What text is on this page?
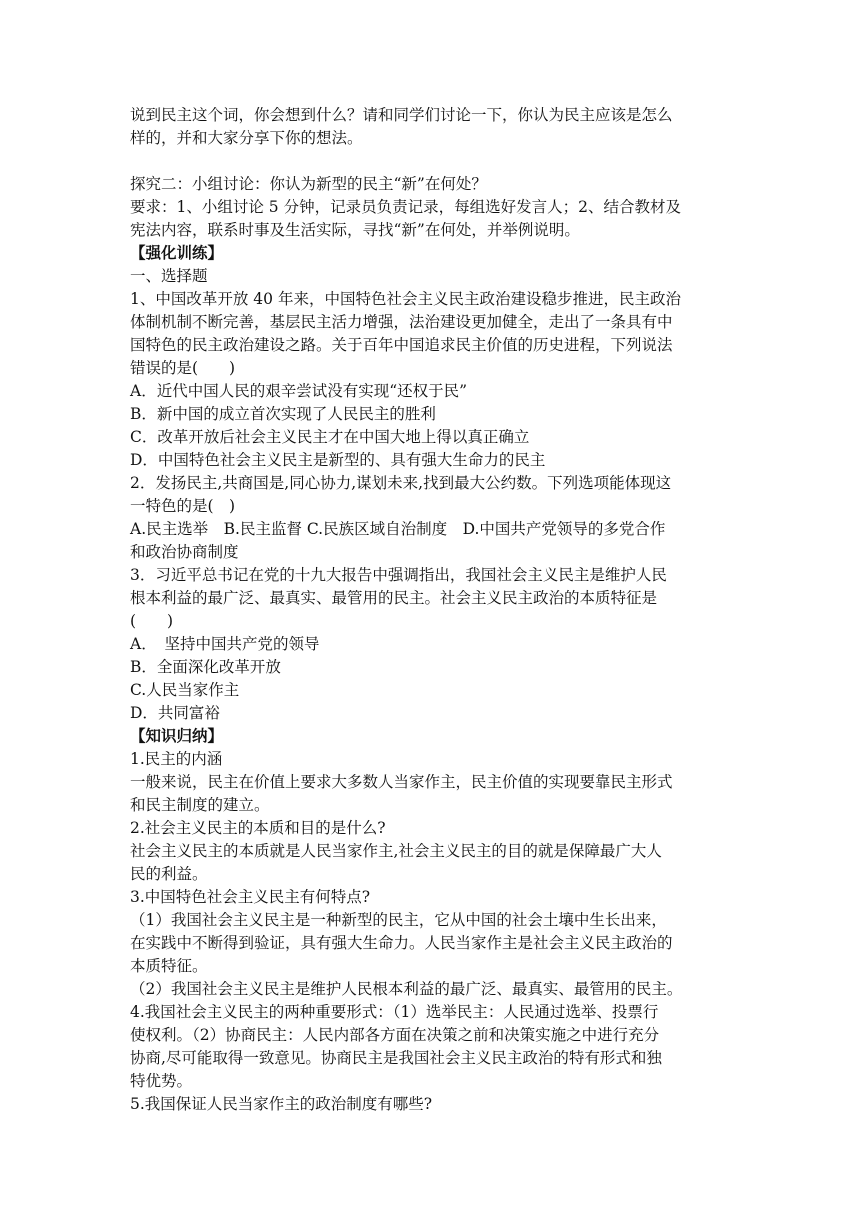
说到民主这个词，你会想到什么？请和同学们讨论一下，你认为民主应该是怎么
样的，并和大家分享下你的想法。
探究二：小组讨论：你认为新型的民主“新”在何处？
要求：1、小组讨论 5 分钟，记录员负责记录，每组选好发言人；2、结合教材及
宪法内容，联系时事及生活实际，寻找“新”在何处，并举例说明。
【强化训练】
一、选择题
1、中国改革开放 40 年来，中国特色社会主义民主政治建设稳步推进，民主政治
体制机制不断完善，基层民主活力增强，法治建设更加健全，走出了一条具有中
国特色的民主政治建设之路。关于百年中国追求民主价值的历史进程，下列说法
错误的是(　　)
A．近代中国人民的艰辛尝试没有实现“还权于民”
B．新中国的成立首次实现了人民民主的胜利
C．改革开放后社会主义民主才在中国大地上得以真正确立
D．中国特色社会主义民主是新型的、具有强大生命力的民主
2．发扬民主,共商国是,同心协力,谋划未来,找到最大公约数。下列选项能体现这
一特色的是(　)
A.民主选举　B.民主监督 C.民族区域自治制度　D.中国共产党领导的多党合作
和政治协商制度
3．习近平总书记在党的十九大报告中强调指出，我国社会主义民主是维护人民
根本利益的最广泛、最真实、最管用的民主。社会主义民主政治的本质特征是
(　　)
A．　坚持中国共产党的领导
B．全面深化改革开放
C.人民当家作主
D．共同富裕
【知识归纳】
1.民主的内涵
一般来说，民主在价值上要求大多数人当家作主，民主价值的实现要靠民主形式
和民主制度的建立。
2.社会主义民主的本质和目的是什么?
社会主义民主的本质就是人民当家作主,社会主义民主的目的就是保障最广大人
民的利益。
3.中国特色社会主义民主有何特点?
（1）我国社会主义民主是一种新型的民主，它从中国的社会土壤中生长出来，
在实践中不断得到验证，具有强大生命力。人民当家作主是社会主义民主政治的
本质特征。
（2）我国社会主义民主是维护人民根本利益的最广泛、最真实、最管用的民主。
4.我国社会主义民主的两种重要形式：（1）选举民主：人民通过选举、投票行
使权利。（2）协商民主：人民内部各方面在决策之前和决策实施之中进行充分
协商,尽可能取得一致意见。协商民主是我国社会主义民主政治的特有形式和独
特优势。
5.我国保证人民当家作主的政治制度有哪些?
